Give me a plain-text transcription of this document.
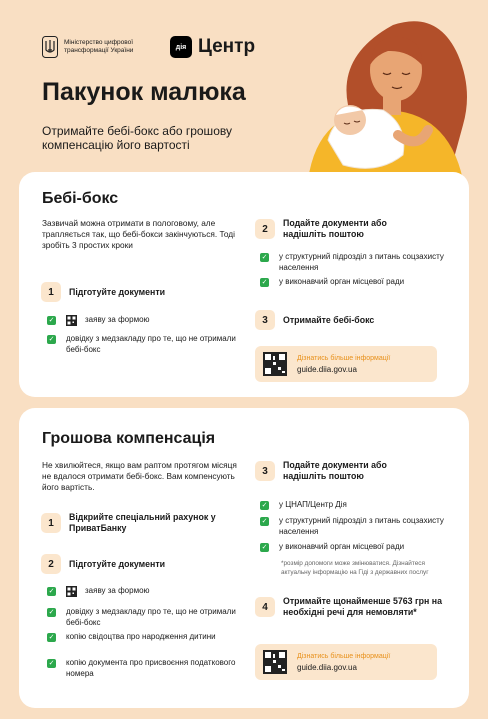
Міністерство цифрової трансформації України	дія Центр
Пакунок малюка
Отримайте бебі-бокс або грошову компенсацію його вартості
Бебі-бокс
Зазвичай можна отримати в пологовому, але трапляється так, що бебі-бокси закінчуються. Тоді зробіть 3 простих кроки
1	Підготуйте документи
✓	заяву за формою
✓ довідку з медзакладу про те, що не отримали бебі-бокс
2
Подайте документи або надішліть поштою
✓ у структурний підрозділ з питань соцзахисту населення
✓ у виконавчий орган місцевої ради
3	Отримайте бебі-бокс
Дізнатись більше інформації
guide.diia.gov.ua
Грошова компенсація
Не хвилюйтеся, якщо вам раптом протягом місяця не вдалося отримати бебі-бокс. Вам компенсують його вартість.
1
Відкрийте спеціальний рахунок у ПриватБанку
2	Підготуйте документи
✓	заяву за формою
✓ довідку з медзакладу про те, що не отримали бебі-бокс
✓ копію свідоцтва про народження дитини
✓ копію документа про присвоєння податкового номера
3
Подайте документи або надішліть поштою
✓ у ЦНАП/Центр Дія
✓ у структурний підрозділ з питань соцзахисту населення
✓ у виконавчий орган місцевої ради
*розмір допомоги може змінюватися. Дізнайтеся актуальну інформацію на Гіді з державних послуг
4
Отримайте щонайменше 5763 грн на необхідні речі для немовляти*
Дізнатись більше інформації
guide.diia.gov.ua
